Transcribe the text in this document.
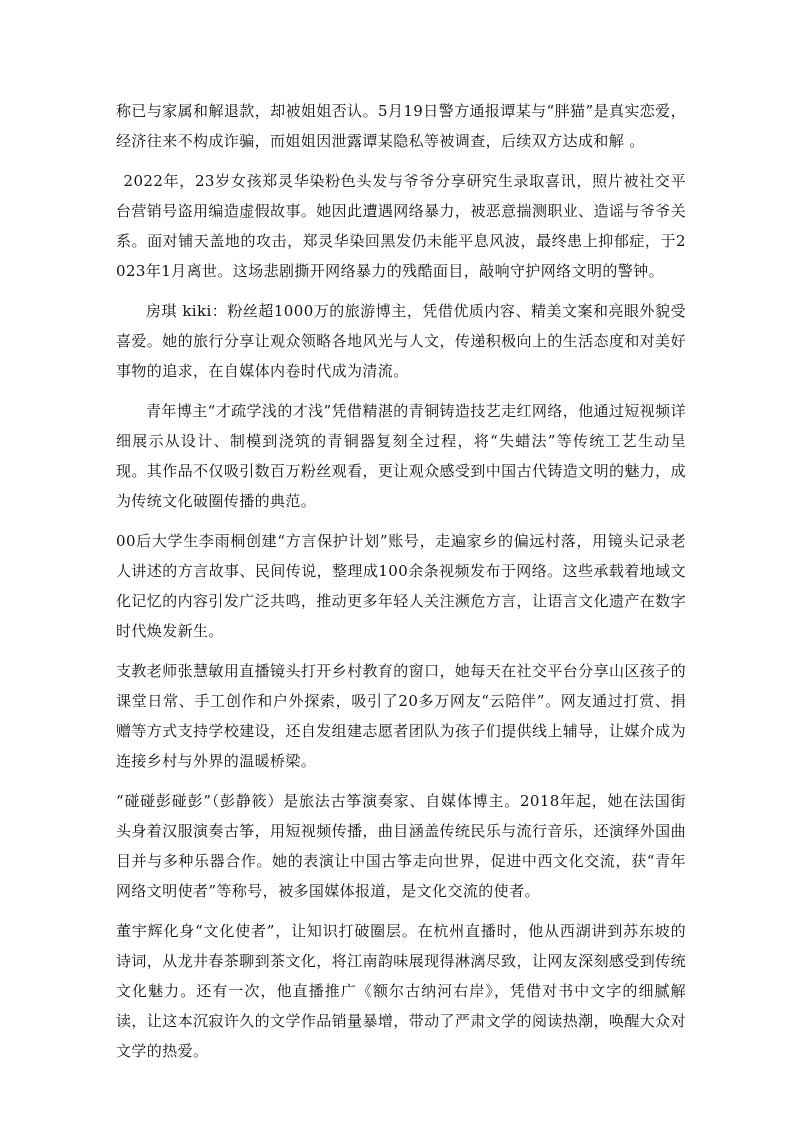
称已与家属和解退款，却被姐姐否认。5月19日警方通报谭某与“胖猫”是真实恋爱，经济往来不构成诈骗，而姐姐因泄露谭某隐私等被调查，后续双方达成和解 。

2022年，23岁女孩郑灵华染粉色头发与爷爷分享研究生录取喜讯，照片被社交平台营销号盗用编造虚假故事。她因此遭遇网络暴力，被恶意揣测职业、造谣与爷爷关系。面对铺天盖地的攻击，郑灵华染回黑发仍未能平息风波，最终患上抑郁症，于2023年1月离世。这场悲剧撕开网络暴力的残酷面目，敲响守护网络文明的警钟。

房琪 kiki：粉丝超1000万的旅游博主，凭借优质内容、精美文案和亮眼外貌受喜爱。她的旅行分享让观众领略各地风光与人文，传递积极向上的生活态度和对美好事物的追求，在自媒体内卷时代成为清流。

青年博主“才疏学浅的才浅”凭借精湛的青铜铸造技艺走红网络，他通过短视频详细展示从设计、制模到浇筑的青铜器复刻全过程，将“失蜡法”等传统工艺生动呈现。其作品不仅吸引数百万粉丝观看，更让观众感受到中国古代铸造文明的魅力，成为传统文化破圈传播的典范。

00后大学生李雨桐创建“方言保护计划”账号，走遍家乡的偏远村落，用镜头记录老人讲述的方言故事、民间传说，整理成100余条视频发布于网络。这些承载着地域文化记忆的内容引发广泛共鸣，推动更多年轻人关注濒危方言，让语言文化遗产在数字时代焕发新生。

支教老师张慧敏用直播镜头打开乡村教育的窗口，她每天在社交平台分享山区孩子的课堂日常、手工创作和户外探索，吸引了20多万网友“云陪伴”。网友通过打赏、捐赠等方式支持学校建设，还自发组建志愿者团队为孩子们提供线上辅导，让媒介成为连接乡村与外界的温暖桥梁。

“碰碰彭碰彭”（彭静筱）是旅法古筝演奏家、自媒体博主。2018年起，她在法国街头身着汉服演奏古筝，用短视频传播，曲目涵盖传统民乐与流行音乐，还演绎外国曲目并与多种乐器合作。她的表演让中国古筝走向世界，促进中西文化交流，获“青年网络文明使者”等称号，被多国媒体报道，是文化交流的使者。

董宇辉化身“文化使者”，让知识打破圈层。在杭州直播时，他从西湖讲到苏东坡的诗词，从龙井春茶聊到茶文化，将江南韵味展现得淋漓尽致，让网友深刻感受到传统文化魅力。还有一次，他直播推广《额尔古纳河右岸》，凭借对书中文字的细腻解读，让这本沉寂许久的文学作品销量暴增，带动了严肃文学的阅读热潮，唤醒大众对文学的热爱。
